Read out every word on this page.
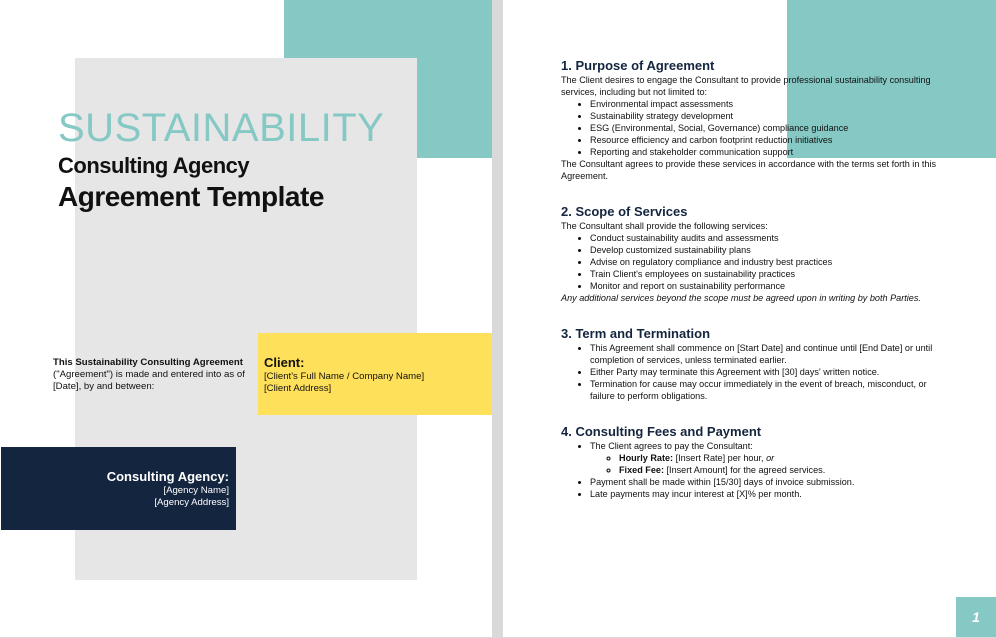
SUSTAINABILITY
Consulting Agency
Agreement Template
This Sustainability Consulting Agreement ("Agreement") is made and entered into as of [Date], by and between:
Client:
[Client's Full Name / Company Name]
[Client Address]
Consulting Agency:
[Agency Name]
[Agency Address]

1. Purpose of Agreement

The Client desires to engage the Consultant to provide professional sustainability consulting services, including but not limited to:

• Environmental impact assessments
• Sustainability strategy development
• ESG (Environmental, Social, Governance) compliance guidance
• Resource efficiency and carbon footprint reduction initiatives
• Reporting and stakeholder communication support

The Consultant agrees to provide these services in accordance with the terms set forth in this Agreement.

2. Scope of Services

The Consultant shall provide the following services:

• Conduct sustainability audits and assessments
• Develop customized sustainability plans
• Advise on regulatory compliance and industry best practices
• Train Client's employees on sustainability practices
• Monitor and report on sustainability performance

Any additional services beyond the scope must be agreed upon in writing by both Parties.

3. Term and Termination

• This Agreement shall commence on [Start Date] and continue until [End Date] or until completion of services, unless terminated earlier.
• Either Party may terminate this Agreement with [30] days' written notice.
• Termination for cause may occur immediately in the event of breach, misconduct, or failure to perform obligations.

4. Consulting Fees and Payment

• The Client agrees to pay the Consultant:
◦ Hourly Rate: [Insert Rate] per hour, or
◦ Fixed Fee: [Insert Amount] for the agreed services.
• Payment shall be made within [15/30] days of invoice submission.
• Late payments may incur interest at [X]% per month.
1
